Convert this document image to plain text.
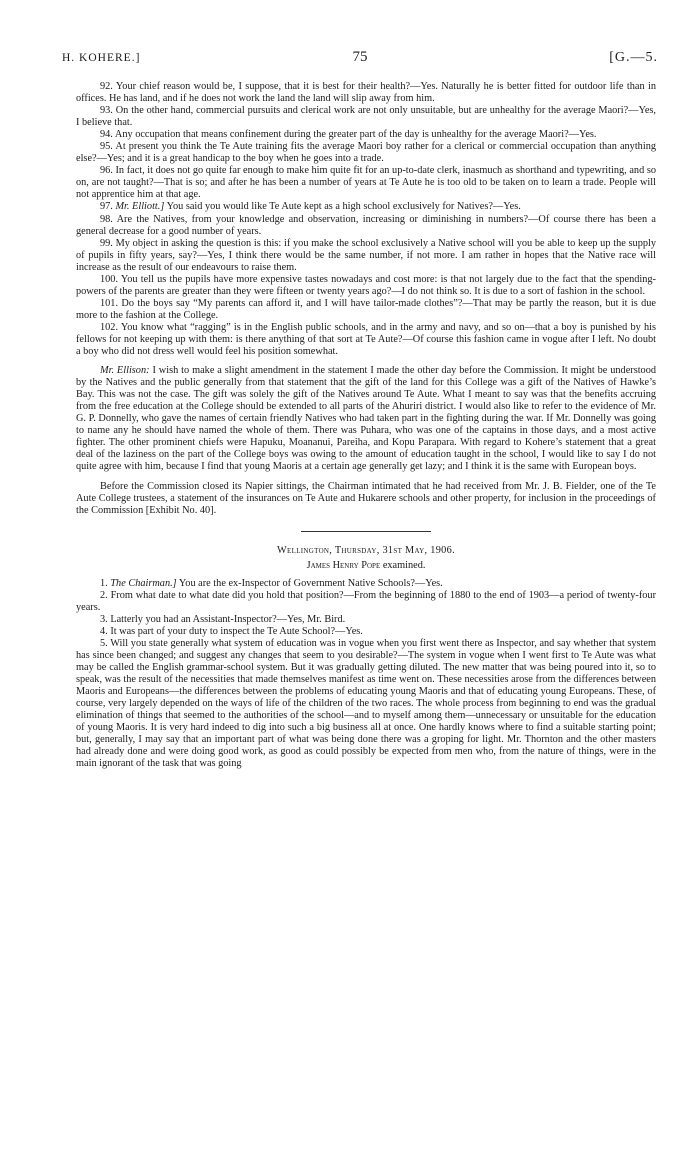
H. KOHERE.]	75	[G.—5.

92. Your chief reason would be, I suppose, that it is best for their health?—Yes. Naturally he is better fitted for outdoor life than in offices. He has land, and if he does not work the land the land will slip away from him.

93. On the other hand, commercial pursuits and clerical work are not only unsuitable, but are unhealthy for the average Maori?—Yes, I believe that.

94. Any occupation that means confinement during the greater part of the day is unhealthy for the average Maori?—Yes.

95. At present you think the Te Aute training fits the average Maori boy rather for a clerical or commercial occupation than anything else?—Yes; and it is a great handicap to the boy when he goes into a trade.

96. In fact, it does not go quite far enough to make him quite fit for an up-to-date clerk, inasmuch as shorthand and typewriting, and so on, are not taught?—That is so; and after he has been a number of years at Te Aute he is too old to be taken on to learn a trade. People will not apprentice him at that age.

97. Mr. Elliott.] You said you would like Te Aute kept as a high school exclusively for Natives?—Yes.

98. Are the Natives, from your knowledge and observation, increasing or diminishing in numbers?—Of course there has been a general decrease for a good number of years.

99. My object in asking the question is this: if you make the school exclusively a Native school will you be able to keep up the supply of pupils in fifty years, say?—Yes, I think there would be the same number, if not more. I am rather in hopes that the Native race will increase as the result of our endeavours to raise them.

100. You tell us the pupils have more expensive tastes nowadays and cost more: is that not largely due to the fact that the spending-powers of the parents are greater than they were fifteen or twenty years ago?—I do not think so. It is due to a sort of fashion in the school.

101. Do the boys say “My parents can afford it, and I will have tailor-made clothes”?—That may be partly the reason, but it is due more to the fashion at the College.

102. You know what “ragging” is in the English public schools, and in the army and navy, and so on—that a boy is punished by his fellows for not keeping up with them: is there anything of that sort at Te Aute?—Of course this fashion came in vogue after I left. No doubt a boy who did not dress well would feel his position somewhat.

Mr. Ellison: I wish to make a slight amendment in the statement I made the other day before the Commission. It might be understood by the Natives and the public generally from that statement that the gift of the land for this College was a gift of the Natives of Hawke’s Bay. This was not the case. The gift was solely the gift of the Natives around Te Aute. What I meant to say was that the benefits accruing from the free education at the College should be extended to all parts of the Ahuriri district. I would also like to refer to the evidence of Mr. G. P. Donnelly, who gave the names of certain friendly Natives who had taken part in the fighting during the war. If Mr. Donnelly was going to name any he should have named the whole of them. There was Puhara, who was one of the captains in those days, and a most active fighter. The other prominent chiefs were Hapuku, Moananui, Pareiha, and Kopu Parapara. With regard to Kohere’s statement that a great deal of the laziness on the part of the College boys was owing to the amount of education taught in the school, I would like to say I do not quite agree with him, because I find that young Maoris at a certain age generally get lazy; and I think it is the same with European boys.

Before the Commission closed its Napier sittings, the Chairman intimated that he had received from Mr. J. B. Fielder, one of the Te Aute College trustees, a statement of the insurances on Te Aute and Hukarere schools and other property, for inclusion in the proceedings of the Commission [Exhibit No. 40].

Wellington, Thursday, 31st May, 1906.

James Henry Pope examined.

1. The Chairman.] You are the ex-Inspector of Government Native Schools?—Yes.

2. From what date to what date did you hold that position?—From the beginning of 1880 to the end of 1903—a period of twenty-four years.

3. Latterly you had an Assistant-Inspector?—Yes, Mr. Bird.

4. It was part of your duty to inspect the Te Aute School?—Yes.

5. Will you state generally what system of education was in vogue when you first went there as Inspector, and say whether that system has since been changed; and suggest any changes that seem to you desirable?—The system in vogue when I went first to Te Aute was what may be called the English grammar-school system. But it was gradually getting diluted. The new matter that was being poured into it, so to speak, was the result of the necessities that made themselves manifest as time went on. These necessities arose from the differences between Maoris and Europeans—the differences between the problems of educating young Maoris and that of educating young Europeans. These, of course, very largely depended on the ways of life of the children of the two races. The whole process from beginning to end was the gradual elimination of things that seemed to the authorities of the school—and to myself among them—unnecessary or unsuitable for the education of young Maoris. It is very hard indeed to dig into such a big business all at once. One hardly knows where to find a suitable starting point; but, generally, I may say that an important part of what was being done there was a groping for light. Mr. Thornton and the other masters had already done and were doing good work, as good as could possibly be expected from men who, from the nature of things, were in the main ignorant of the task that was going
